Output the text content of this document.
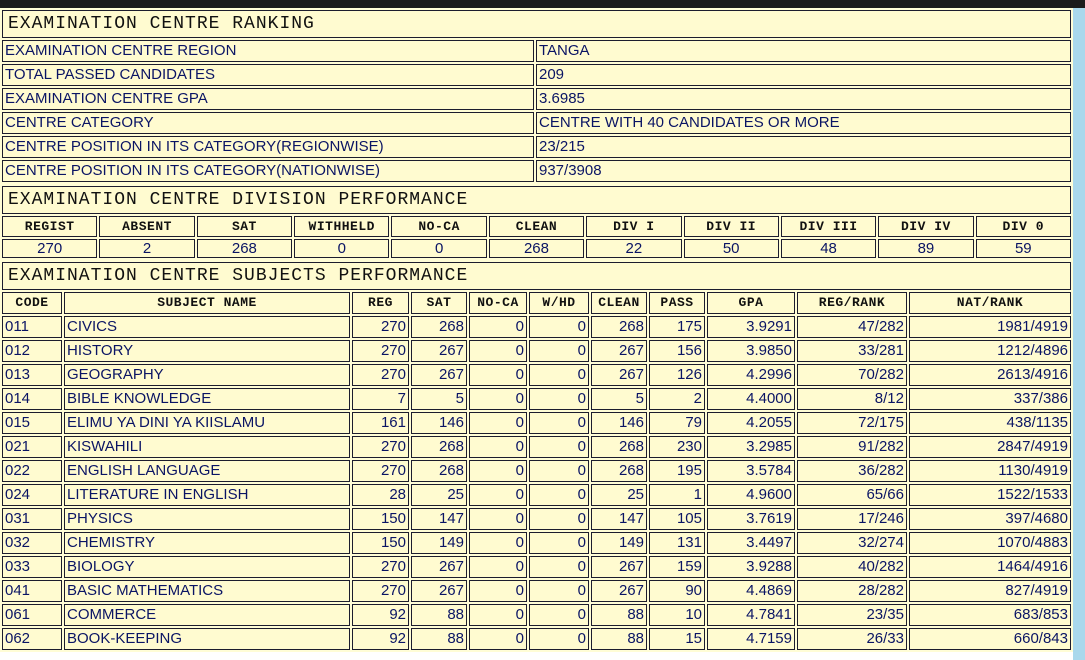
EXAMINATION CENTRE RANKING	
EXAMINATION CENTRE REGION	TANGA
TOTAL PASSED CANDIDATES	209
EXAMINATION CENTRE GPA	3.6985
CENTRE CATEGORY	CENTRE WITH 40 CANDIDATES OR MORE
CENTRE POSITION IN ITS CATEGORY(REGIONWISE)	23/215
CENTRE POSITION IN ITS CATEGORY(NATIONWISE)	937/3908
EXAMINATION CENTRE DIVISION PERFORMANCE										
REGIST	ABSENT	SAT	WITHHELD	NO-CA	CLEAN	DIV I	DIV II	DIV III	DIV IV	DIV 0
270	2	268	0	0	268	22	50	48	89	59
EXAMINATION CENTRE SUBJECTS PERFORMANCE										
CODE	SUBJECT NAME	REG	SAT	NO-CA	W/HD	CLEAN	PASS	GPA	REG/RANK	NAT/RANK
011	CIVICS	270	268	0	0	268	175	3.9291	47/282	1981/4919
012	HISTORY	270	267	0	0	267	156	3.9850	33/281	1212/4896
013	GEOGRAPHY	270	267	0	0	267	126	4.2996	70/282	2613/4916
014	BIBLE KNOWLEDGE	7	5	0	0	5	2	4.4000	8/12	337/386
015	ELIMU YA DINI YA KIISLAMU	161	146	0	0	146	79	4.2055	72/175	438/1135
021	KISWAHILI	270	268	0	0	268	230	3.2985	91/282	2847/4919
022	ENGLISH LANGUAGE	270	268	0	0	268	195	3.5784	36/282	1130/4919
024	LITERATURE IN ENGLISH	28	25	0	0	25	1	4.9600	65/66	1522/1533
031	PHYSICS	150	147	0	0	147	105	3.7619	17/246	397/4680
032	CHEMISTRY	150	149	0	0	149	131	3.4497	32/274	1070/4883
033	BIOLOGY	270	267	0	0	267	159	3.9288	40/282	1464/4916
041	BASIC MATHEMATICS	270	267	0	0	267	90	4.4869	28/282	827/4919
061	COMMERCE	92	88	0	0	88	10	4.7841	23/35	683/853
062	BOOK-KEEPING	92	88	0	0	88	15	4.7159	26/33	660/843
